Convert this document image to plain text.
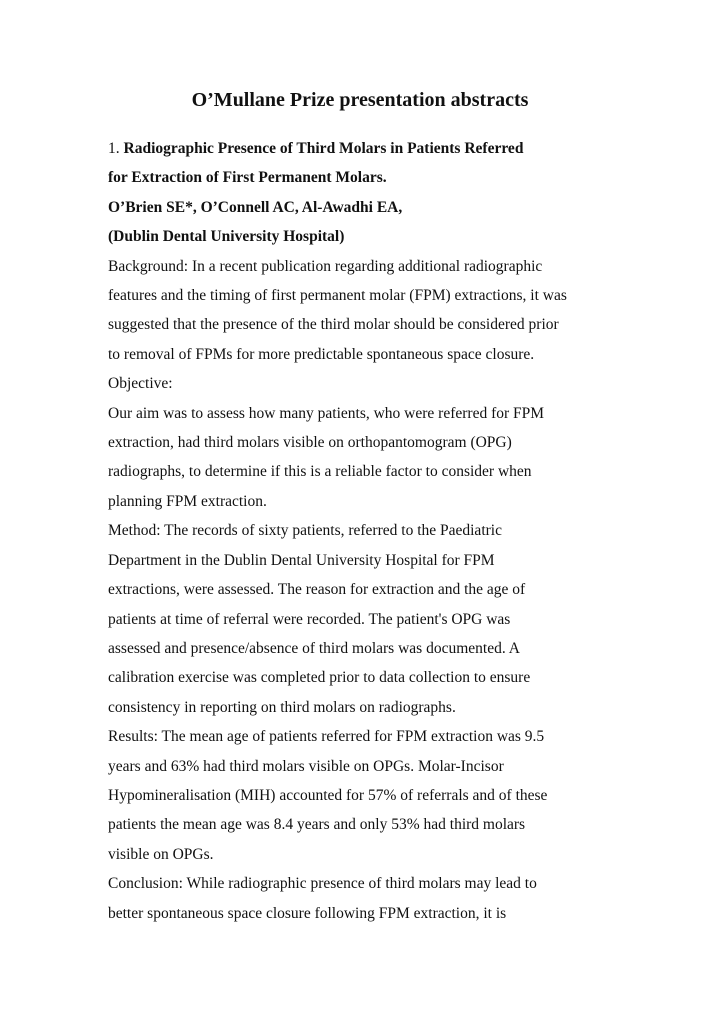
O’Mullane Prize presentation abstracts
1. Radiographic Presence of Third Molars in Patients Referred
for Extraction of First Permanent Molars.
O’Brien SE*, O’Connell AC, Al-Awadhi EA,
(Dublin Dental University Hospital)
Background: In a recent publication regarding additional radiographic
features and the timing of first permanent molar (FPM) extractions, it was
suggested that the presence of the third molar should be considered prior
to removal of FPMs for more predictable spontaneous space closure.
Objective:
Our aim was to assess how many patients, who were referred for FPM
extraction, had third molars visible on orthopantomogram (OPG)
radiographs, to determine if this is a reliable factor to consider when
planning FPM extraction.
Method: The records of sixty patients, referred to the Paediatric
Department in the Dublin Dental University Hospital for FPM
extractions, were assessed. The reason for extraction and the age of
patients at time of referral were recorded. The patient's OPG was
assessed and presence/absence of third molars was documented. A
calibration exercise was completed prior to data collection to ensure
consistency in reporting on third molars on radiographs.
Results: The mean age of patients referred for FPM extraction was 9.5
years and 63% had third molars visible on OPGs. Molar-Incisor
Hypomineralisation (MIH) accounted for 57% of referrals and of these
patients the mean age was 8.4 years and only 53% had third molars
visible on OPGs.
Conclusion: While radiographic presence of third molars may lead to
better spontaneous space closure following FPM extraction, it is
